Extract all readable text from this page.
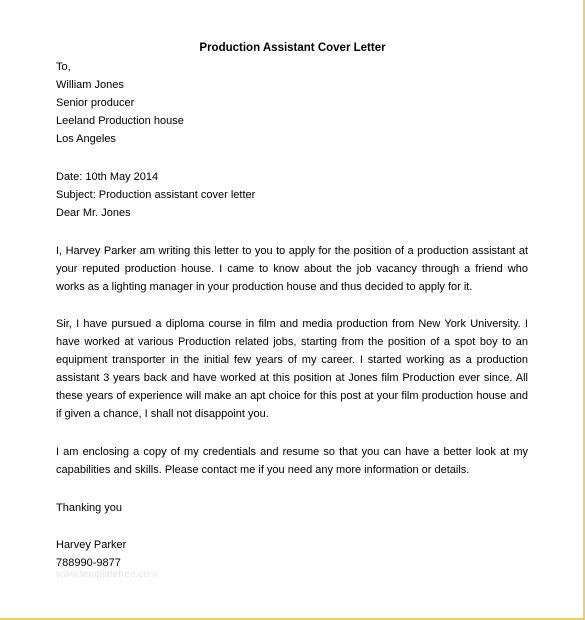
Production Assistant Cover Letter
To,
William Jones
Senior producer
Leeland Production house
Los Angeles
Date: 10th May 2014
Subject: Production assistant cover letter
Dear Mr. Jones
I, Harvey Parker am writing this letter to you to apply for the position of a production assistant at your reputed production house. I came to know about the job vacancy through a friend who works as a lighting manager in your production house and thus decided to apply for it.
Sir, I have pursued a diploma course in film and media production from New York University. I have worked at various Production related jobs, starting from the position of a spot boy to an equipment transporter in the initial few years of my career. I started working as a production assistant 3 years back and have worked at this position at Jones film Production ever since. All these years of experience will make an apt choice for this post at your film production house and if given a chance, I shall not disappoint you.
I am enclosing a copy of my credentials and resume so that you can have a better look at my capabilities and skills. Please contact me if you need any more information or details.
Thanking you
Harvey Parker
788990-9877
www.templatefree.com
